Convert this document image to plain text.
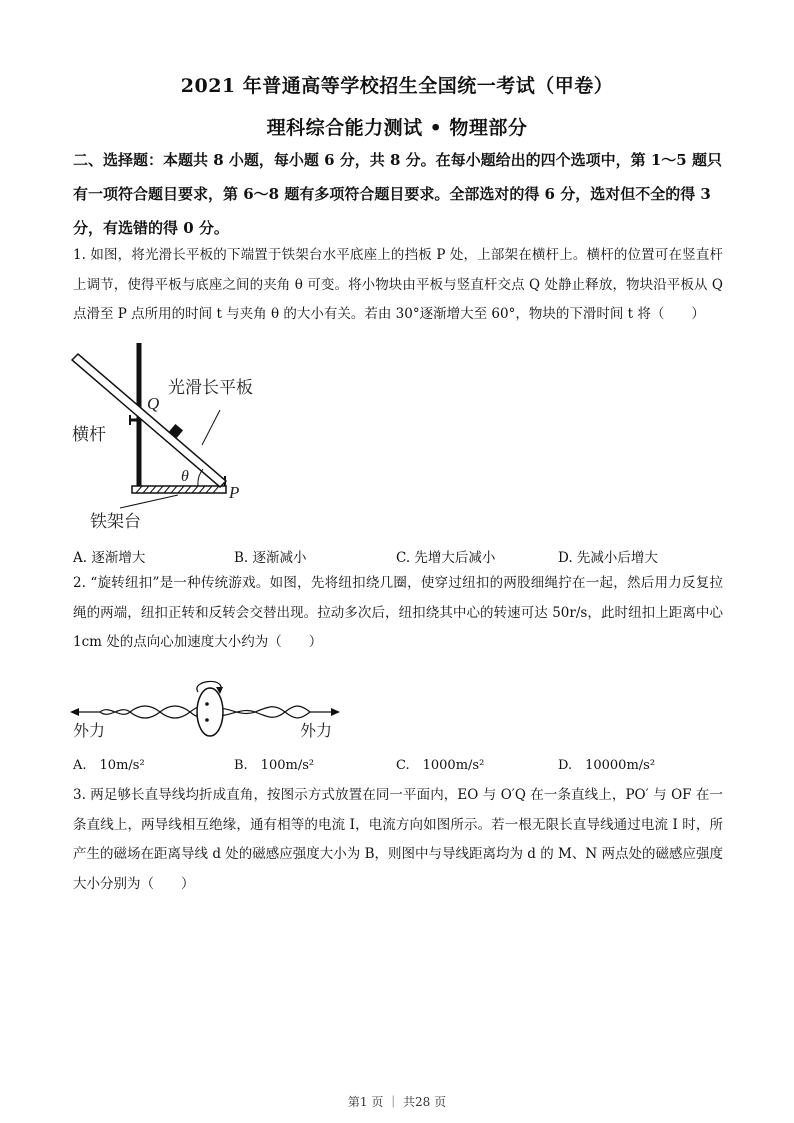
2021 年普通高等学校招生全国统一考试（甲卷）
理科综合能力测试 • 物理部分
二、选择题：本题共 8 小题，每小题 6 分，共 8 分。在每小题给出的四个选项中，第 1～5 题只有一项符合题目要求，第 6～8 题有多项符合题目要求。全部选对的得 6 分，选对但不全的得 3 分，有选错的得 0 分。
1. 如图，将光滑长平板的下端置于铁架台水平底座上的挡板 P 处，上部架在横杆上。横杆的位置可在竖直杆上调节，使得平板与底座之间的夹角 θ 可变。将小物块由平板与竖直杆交点 Q 处静止释放，物块沿平板从 Q 点滑至 P 点所用的时间 t 与夹角 θ 的大小有关。若由 30°逐渐增大至 60°，物块的下滑时间 t 将（　　）
光滑长平板
横杆
铁架台
Q
P
θ
A. 逐渐增大	B. 逐渐减小	C. 先增大后减小	D. 先减小后增大
2. “旋转纽扣”是一种传统游戏。如图，先将纽扣绕几圈，使穿过纽扣的两股细绳拧在一起，然后用力反复拉绳的两端，纽扣正转和反转会交替出现。拉动多次后，纽扣绕其中心的转速可达 50r/s，此时纽扣上距离中心 1cm 处的点向心加速度大小约为（　　）
外力	外力
A.　10m/s²	B.　100m/s²	C.　1000m/s²	D.　10000m/s²
3. 两足够长直导线均折成直角，按图示方式放置在同一平面内，EO 与 O′Q 在一条直线上，PO′ 与 OF 在一条直线上，两导线相互绝缘，通有相等的电流 I，电流方向如图所示。若一根无限长直导线通过电流 I 时，所产生的磁场在距离导线 d 处的磁感应强度大小为 B，则图中与导线距离均为 d 的 M、N 两点处的磁感应强度大小分别为（　　）
第1 页 ｜ 共28 页
